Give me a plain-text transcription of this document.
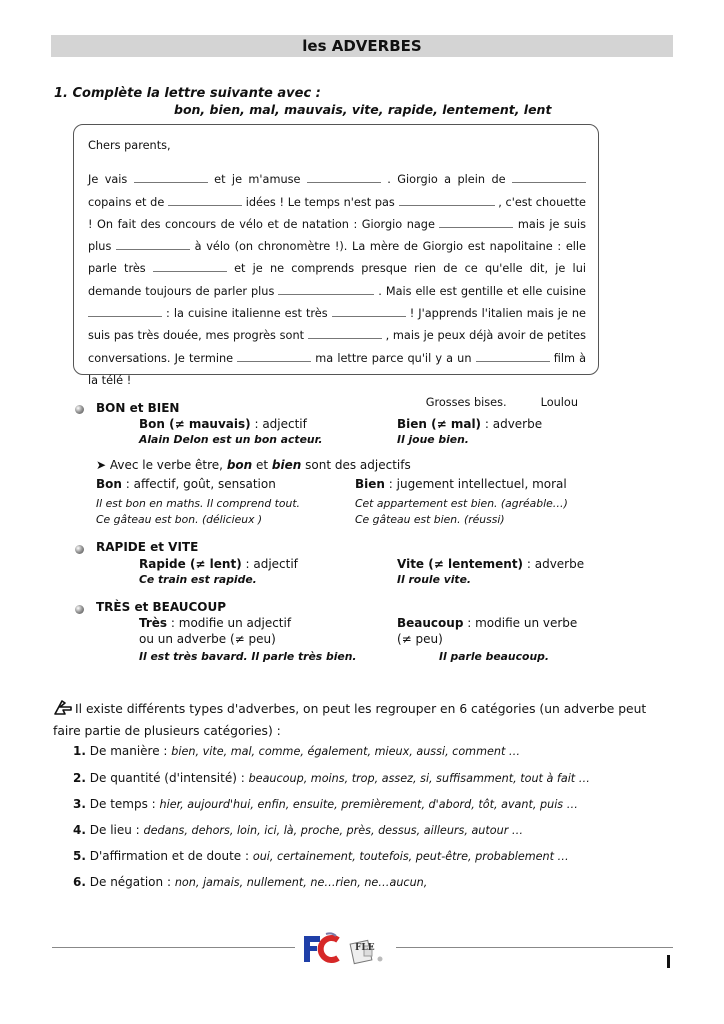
les ADVERBES
1. Complète la lettre suivante avec :
bon, bien, mal, mauvais, vite, rapide, lentement, lent

Chers parents,

Je vais	et je m'amuse	. Giorgio a plein de  copains et de	idées ! Le temps n'est pas	, c'est chouette ! On fait des concours de vélo et de natation : Giorgio nage	mais je suis plus	à vélo (on chronomètre !). La mère de Giorgio est napolitaine : elle parle très	et je ne comprends presque rien de ce qu'elle dit, je lui demande toujours de parler plus	. Mais elle est gentille et elle cuisine  : la cuisine italienne est très	! J'apprends l'italien mais je ne suis pas très douée, mes progrès sont	, mais je peux déjà avoir de petites conversations. Je termine	ma lettre parce qu'il y a un	film à la télé !

Grosses bises.	Loulou

BON et BIEN
Bon (≠ mauvais) : adjectif	Bien (≠ mal) : adverbe
Alain Delon est un bon acteur.	Il joue bien.
➤ Avec le verbe être, bon et bien sont des adjectifs
Bon : affectif, goût, sensation	Bien : jugement intellectuel, moral
Il est bon en maths. Il comprend tout.	Cet appartement est bien. (agréable…)
Ce gâteau est bon. (délicieux )	Ce gâteau est bien. (réussi)
RAPIDE et VITE
Rapide (≠ lent) : adjectif	Vite (≠ lentement) : adverbe
Ce train est rapide.	Il roule vite.
TRÈS et BEAUCOUP
Très : modifie un adjectif	Beaucoup : modifie un verbe
ou un adverbe (≠ peu)	(≠ peu)
Il est très bavard. Il parle très bien.	Il parle beaucoup.
Il existe différents types d'adverbes, on peut les regrouper en 6 catégories (un adverbe peut faire partie de plusieurs catégories) :
1. De manière : bien, vite, mal, comme, également, mieux, aussi, comment …
2. De quantité (d'intensité) : beaucoup, moins, trop, assez, si, suffisamment, tout à fait …
3. De temps : hier, aujourd'hui, enfin, ensuite, premièrement, d'abord, tôt, avant, puis …
4. De lieu : dedans, dehors, loin, ici, là, proche, près, dessus, ailleurs, autour …
5. D'affirmation et de doute : oui, certainement, toutefois, peut-être, probablement …
6. De négation : non, jamais, nullement, ne…rien, ne…aucun,
FLE
